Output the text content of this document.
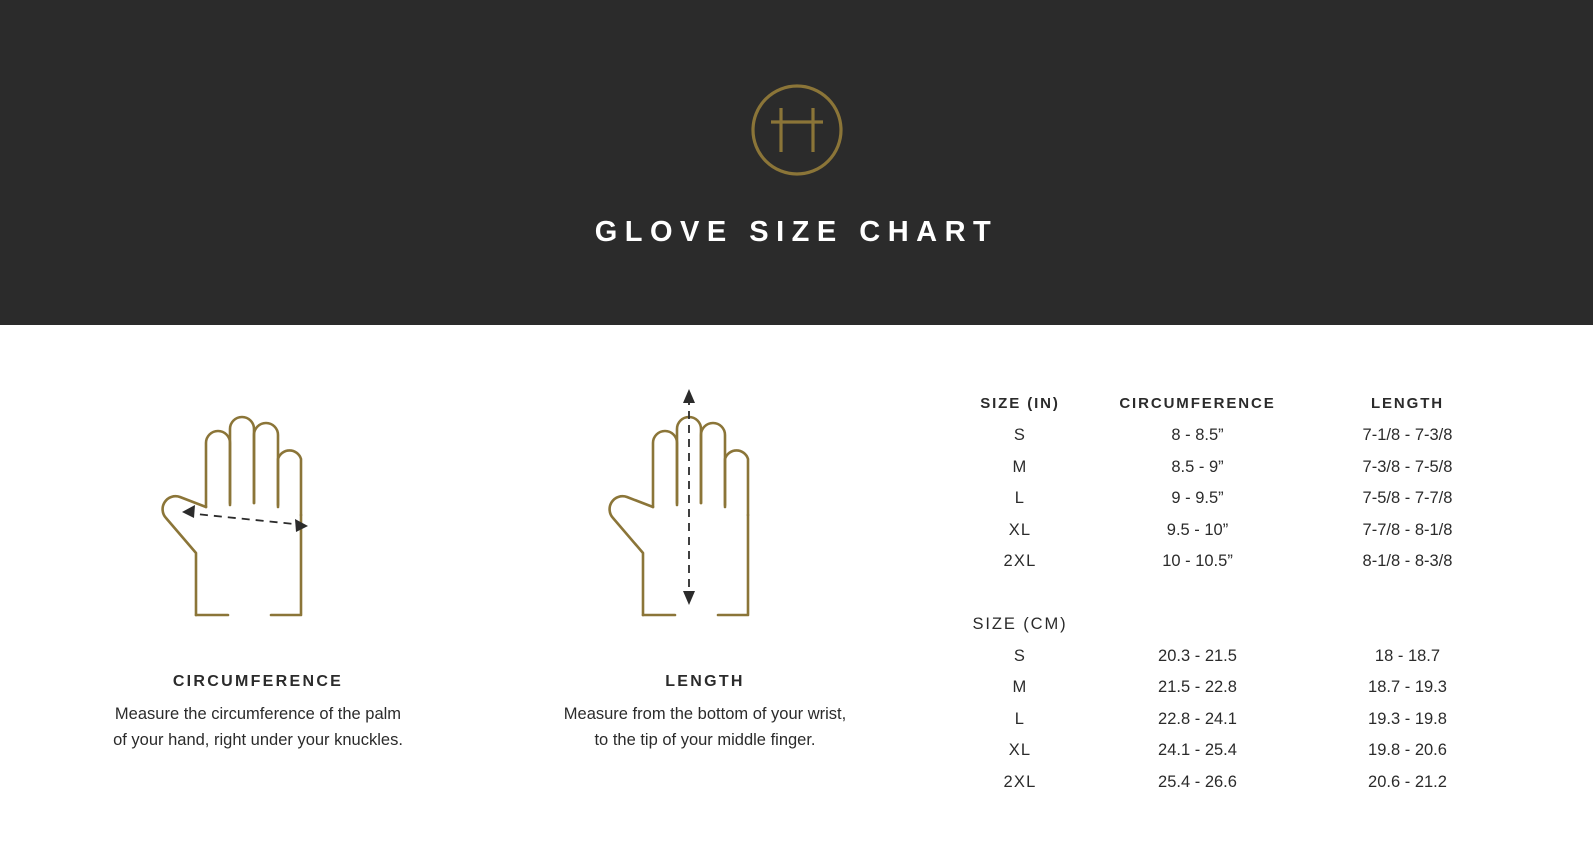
GLOVE SIZE CHART
CIRCUMFERENCE
Measure the circumference of the palm
of your hand, right under your knuckles.
LENGTH
Measure from the bottom of your wrist,
to the tip of your middle finger.
SIZE (IN)	CIRCUMFERENCE	LENGTH
S	8 - 8.5”	7-1/8 - 7-3/8
M	8.5 - 9”	7-3/8 - 7-5/8
L	9 - 9.5”	7-5/8 - 7-7/8
XL	9.5 - 10”	7-7/8 - 8-1/8
2XL	10 - 10.5”	8-1/8 - 8-3/8

SIZE (CM)		
S	20.3 - 21.5	18 - 18.7
M	21.5 - 22.8	18.7 - 19.3
L	22.8 - 24.1	19.3 - 19.8
XL	24.1 - 25.4	19.8 - 20.6
2XL	25.4 - 26.6	20.6 - 21.2
